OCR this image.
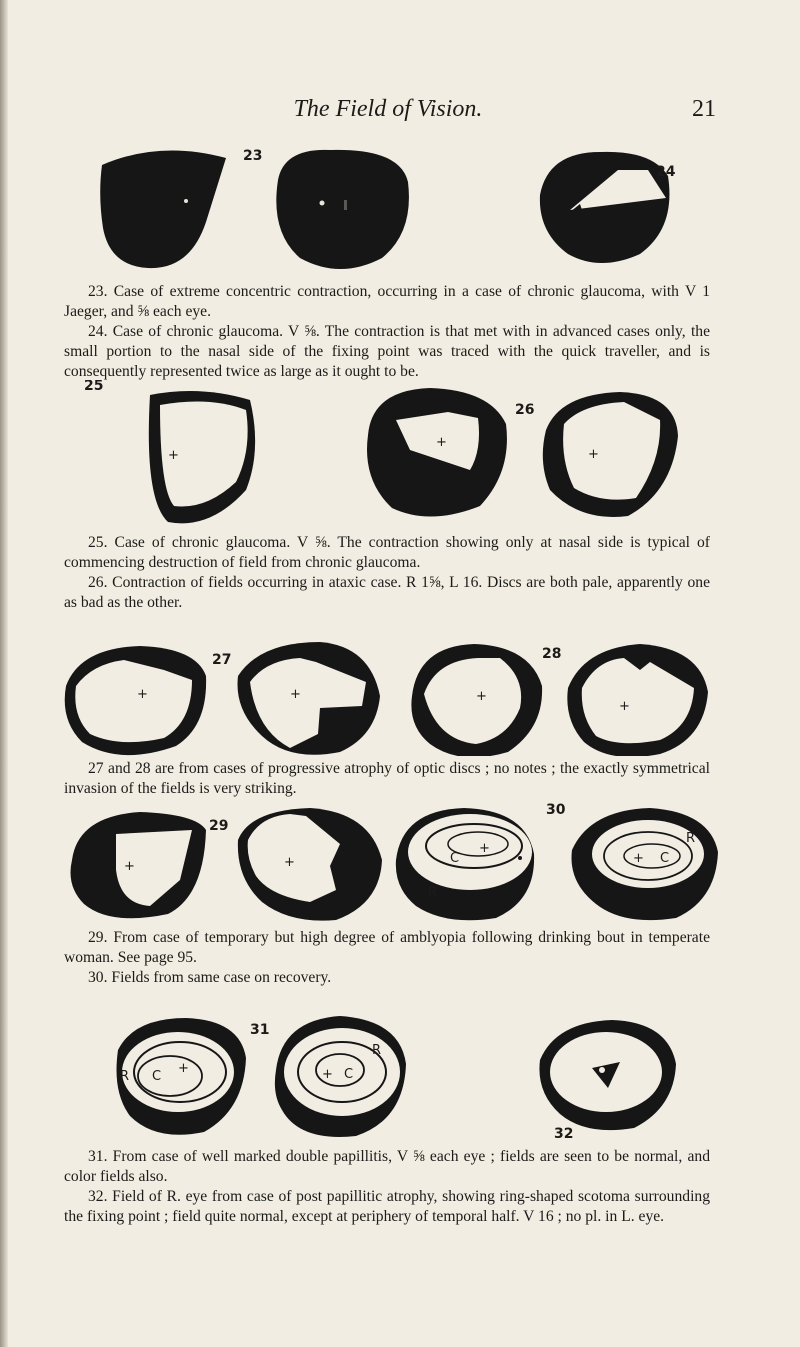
The Field of Vision.	21
23
24

23. Case of extreme concentric contraction, occurring in a case of chronic glaucoma, with V 1 Jaeger, and ⅝ each eye.

24. Case of chronic glaucoma. V ⅝. The contraction is that met with in advanced cases only, the small portion to the nasal side of the fixing point was traced with the quick traveller, and is consequently represented twice as large as it ought to be.

25
+
+
26
+

25. Case of chronic glaucoma. V ⅝. The contraction showing only at nasal side is typical of commencing destruction of field from chronic glaucoma.

26. Contraction of fields occurring in ataxic case. R 1⅝, L 16. Discs are both pale, apparently one as bad as the other.

+
27
+	+
28
+

27 and 28 are from cases of progressive atrophy of optic discs ; no notes ; the exactly symmetrical invasion of the fields is very striking.

+
29
+	C
+
R
30
+ C
R

29. From case of temporary but high degree of amblyopia following drinking bout in temperate woman. See page 95.

30. Fields from same case on recovery.

R C
+
31
+ C
R
32

31. From case of well marked double papillitis, V ⅝ each eye ; fields are seen to be normal, and color fields also.

32. Field of R. eye from case of post papillitic atrophy, showing ring-shaped scotoma surrounding the fixing point ; field quite normal, except at periphery of temporal half. V 16 ; no pl. in L. eye.
